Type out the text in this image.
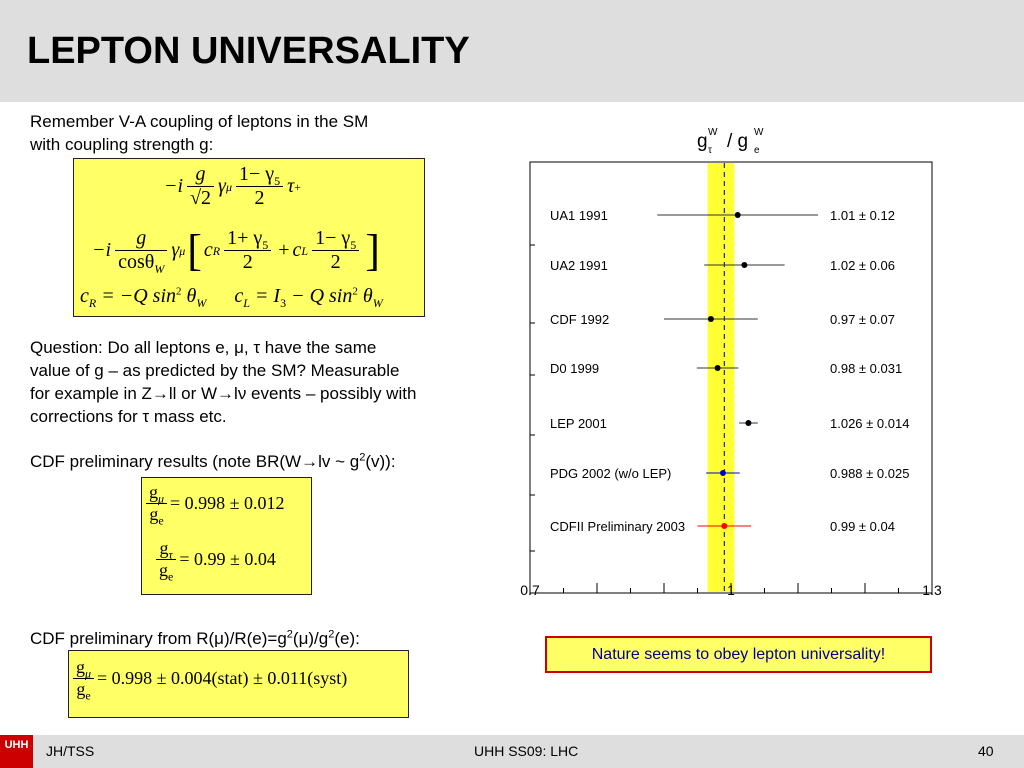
LEPTON UNIVERSALITY
Remember V-A coupling of leptons in the SM
with coupling strength g:
$-i \frac{g}{√2}$ γ μ $\frac{1- \gamma_5}{2}$ τ +
$-i \frac{g}{\cos\theta_W}$ γ μ [ c R $\frac{1+ \gamma_5}{2} + c$ L $\frac{1- \gamma_5}{2}$ ]
$c_R = -Q$ $\sin^2 \theta_W$ $c_L = I_3 - Q$ $\sin^2 \theta_W$
Question: Do all leptons e, μ, τ have the same
value of g – as predicted by the SM? Measurable
for example in Z→ll or W→lν events – possibly with
corrections for τ mass etc.
CDF preliminary results (note BR(W→lv ~ $g^2(v)$):
$\frac{g_\mu}{g_e} = 0.998 \pm 0.012$
$\frac{g_\tau}{g_e} = 0.99 \pm 0.04$
CDF preliminary from $R(\mu)/R(e)=g^2(\mu)/g^2(e)$:
$\frac{g_\mu}{g_e} = 0.998$ ± 0.004(stat) ± 0.011(syst)
UA1 1991	1.01 ± 0.12
UA2 1991	1.02 ± 0.06
CDF 1992	0.97 ± 0.07
D0 1999	0.98 ± 0.031
LEP 2001	1.026 ± 0.014
PDG 2002 (w/o LEP)	0.988 ± 0.025
CDFII Preliminary 2003	0.99 ± 0.04
0.7	1	1.3
g τ
W / g e
W
Nature seems to obey lepton universality!
UHH	JH/TSS	UHH SS09: LHC	40
